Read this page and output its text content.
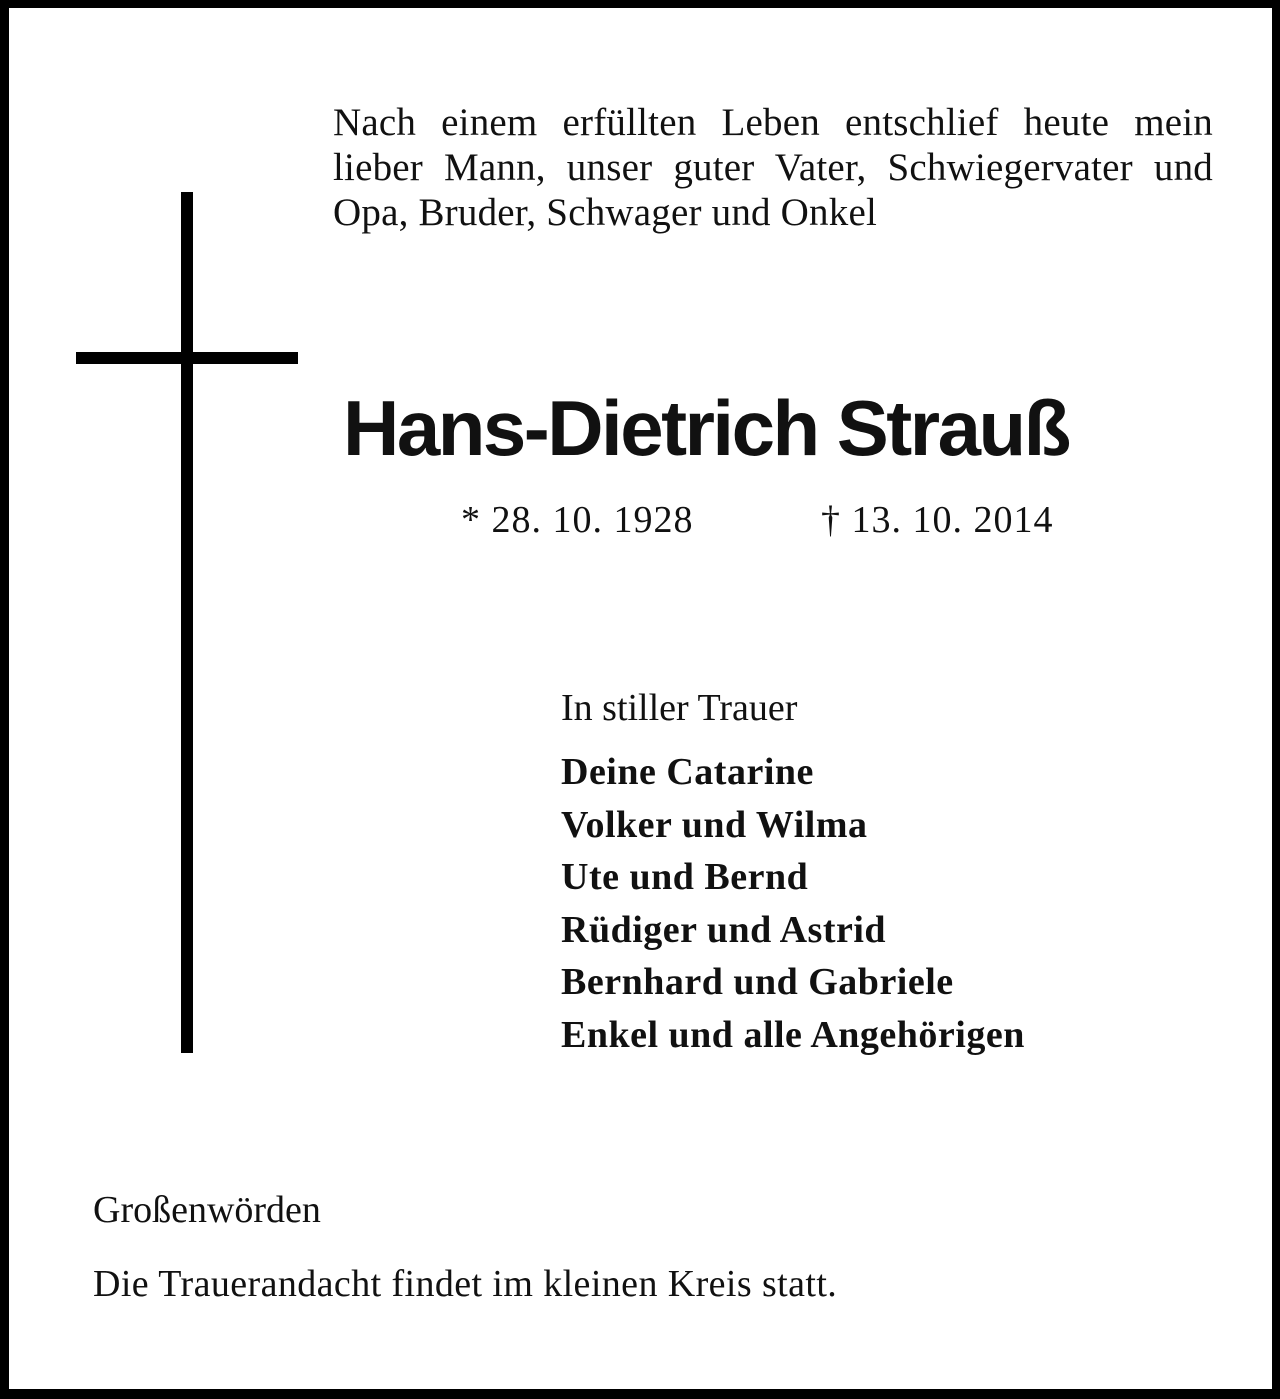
Nach einem erfüllten Leben entschlief heute mein lieber Mann, unser guter Vater, Schwiegervater und Opa, Bruder, Schwager und Onkel

Hans-Dietrich Strauß
* 28. 10. 1928	† 13. 10. 2014

In stiller Trauer

Deine Catarine
Volker und Wilma
Ute und Bernd
Rüdiger und Astrid
Bernhard und Gabriele
Enkel und alle Angehörigen

Großenwörden

Die Trauerandacht findet im kleinen Kreis statt.
